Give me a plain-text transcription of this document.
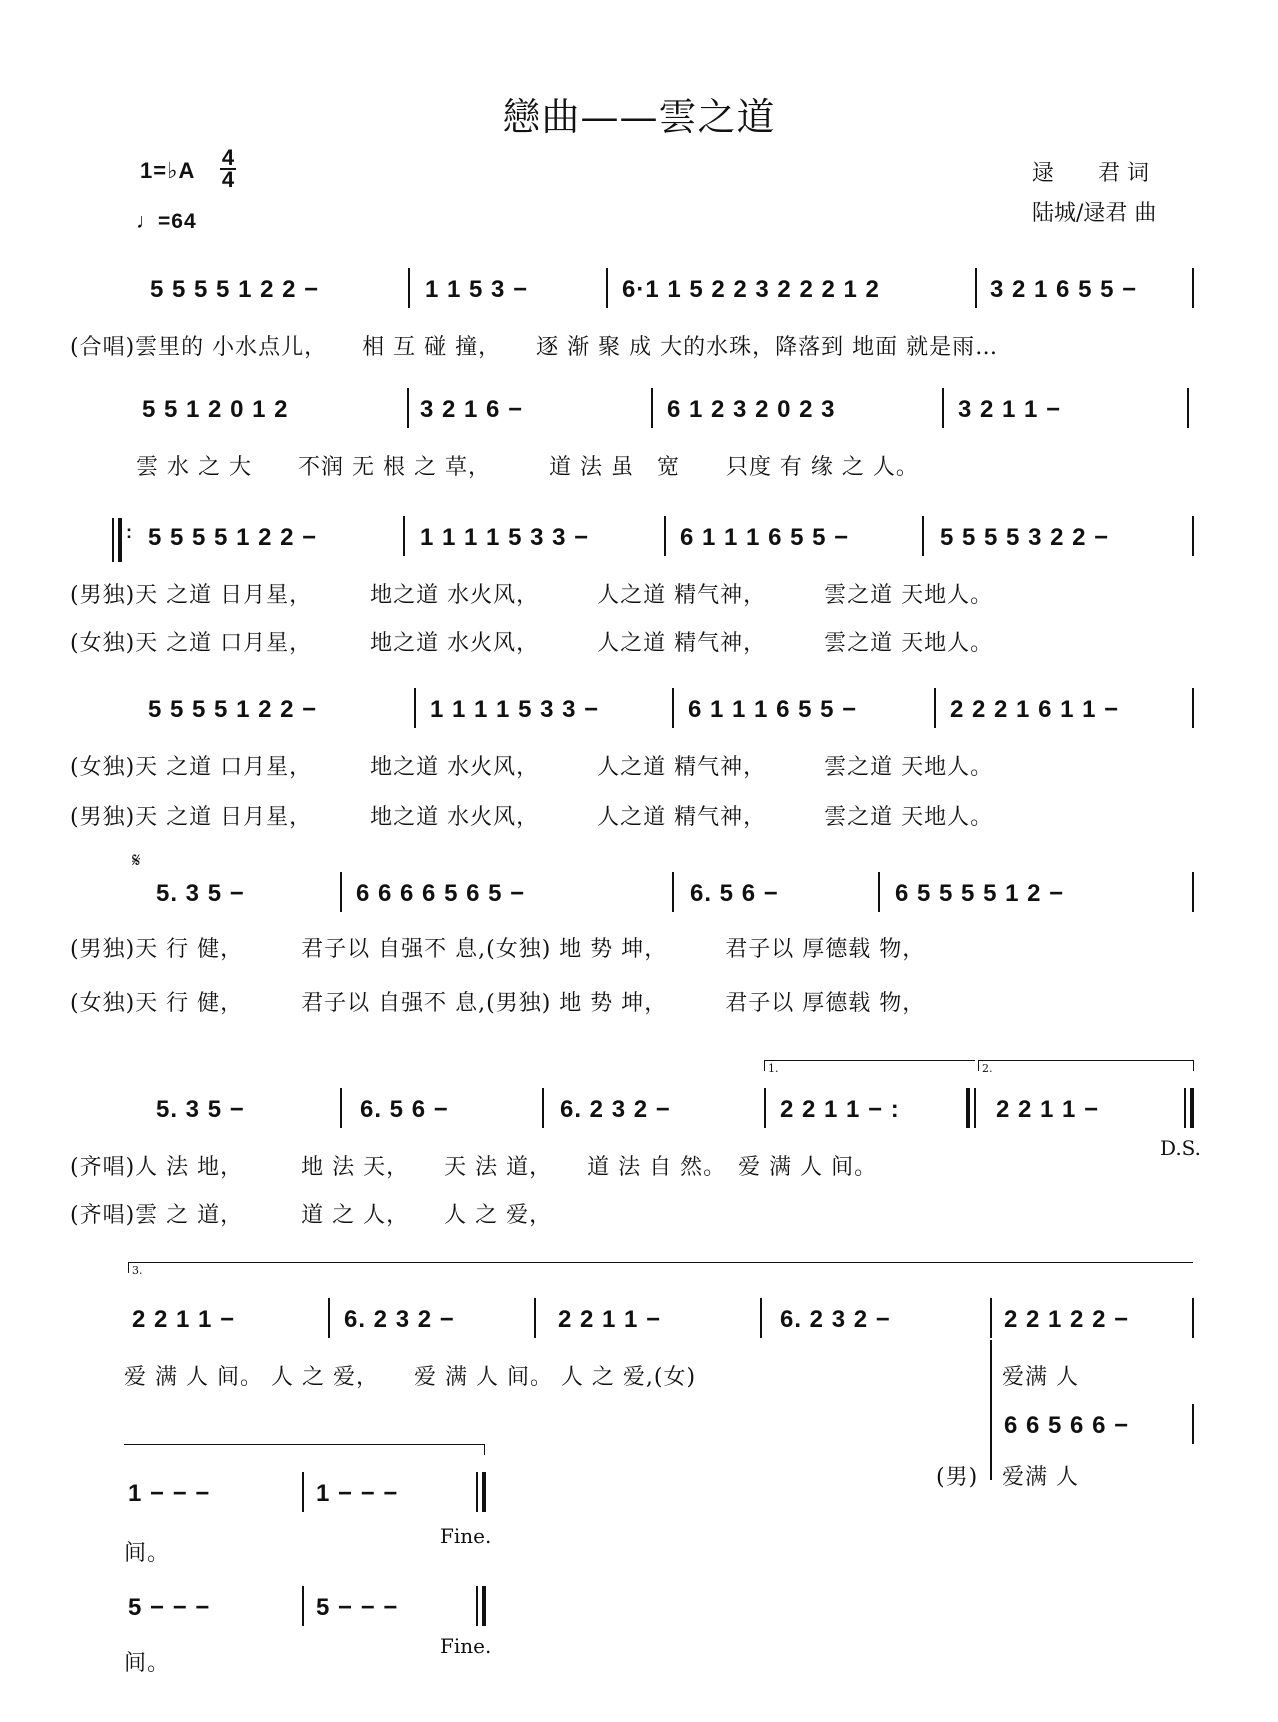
戀曲——雲之道
1=♭A
4
4
♩=64
逯　　君 词
陆城/逯君 曲
5 5 5 5 1 2 2 −	1 1 5 3 −	6·1 1 5 2 2 3 2 2 2 1 2	3 2 1 6 5 5 −
(合唱)雲里的 小水点儿，　　相 互 碰 撞，　　逐 渐 聚 成 大的水珠，降落到 地面 就是雨…
5 5 1 2 0 1 2	3 2 1 6 −	6 1 2 3 2 0 2 3	3 2 1 1 −
雲 水 之 大　　不润 无 根 之 草，　　　道 法 虽　宽　　只度 有 缘 之 人。
: 5 5 5 5 1 2 2 −	1 1 1 1 5 3 3 −	6 1 1 1 6 5 5 −	5 5 5 5 3 2 2 −
(男独)天 之道 日月星，　　　地之道 水火风，　　　人之道 精气神，　　　雲之道 天地人。
(女独)天 之道 口月星，　　　地之道 水火风，　　　人之道 精气神，　　　雲之道 天地人。
5 5 5 5 1 2 2 −	1 1 1 1 5 3 3 −	6 1 1 1 6 5 5 −	2 2 2 1 6 1 1 −
(女独)天 之道 口月星，　　　地之道 水火风，　　　人之道 精气神，　　　雲之道 天地人。
(男独)天 之道 日月星，　　　地之道 水火风，　　　人之道 精气神，　　　雲之道 天地人。
𝄋
5. 3 5 −	6 6 6 6 5 6 5 −	6. 5 6 −	6 5 5 5 5 1 2 −
(男独)天 行 健，　　　君子以 自强不 息,(女独) 地 势 坤，　　　君子以 厚德载 物，
(女独)天 行 健，　　　君子以 自强不 息,(男独) 地 势 坤，　　　君子以 厚德载 物，
1.	2.
5. 3 5 −	6. 5 6 −	6. 2 3 2 −	2 2 1 1 − :	2 2 1 1 −
D.S.
(齐唱)人 法 地，　　　地 法 天，　　天 法 道，　　道 法 自 然。　爱 满 人 间。
(齐唱)雲 之 道，　　　道 之 人，　　人 之 爱，
3.
2 2 1 1 −	6. 2 3 2 −	2 2 1 1 −	6. 2 3 2 −	2 2 1 2 2 −
爱 满 人 间。 人 之 爱，　　爱 满 人 间。 人 之 爱,(女)	爱满 人
6 6 5 6 6 −
(男) 爱满 人
1 − − −	1 − − −
Fine.
间。
5 − − −	5 − − −
Fine.
间。
